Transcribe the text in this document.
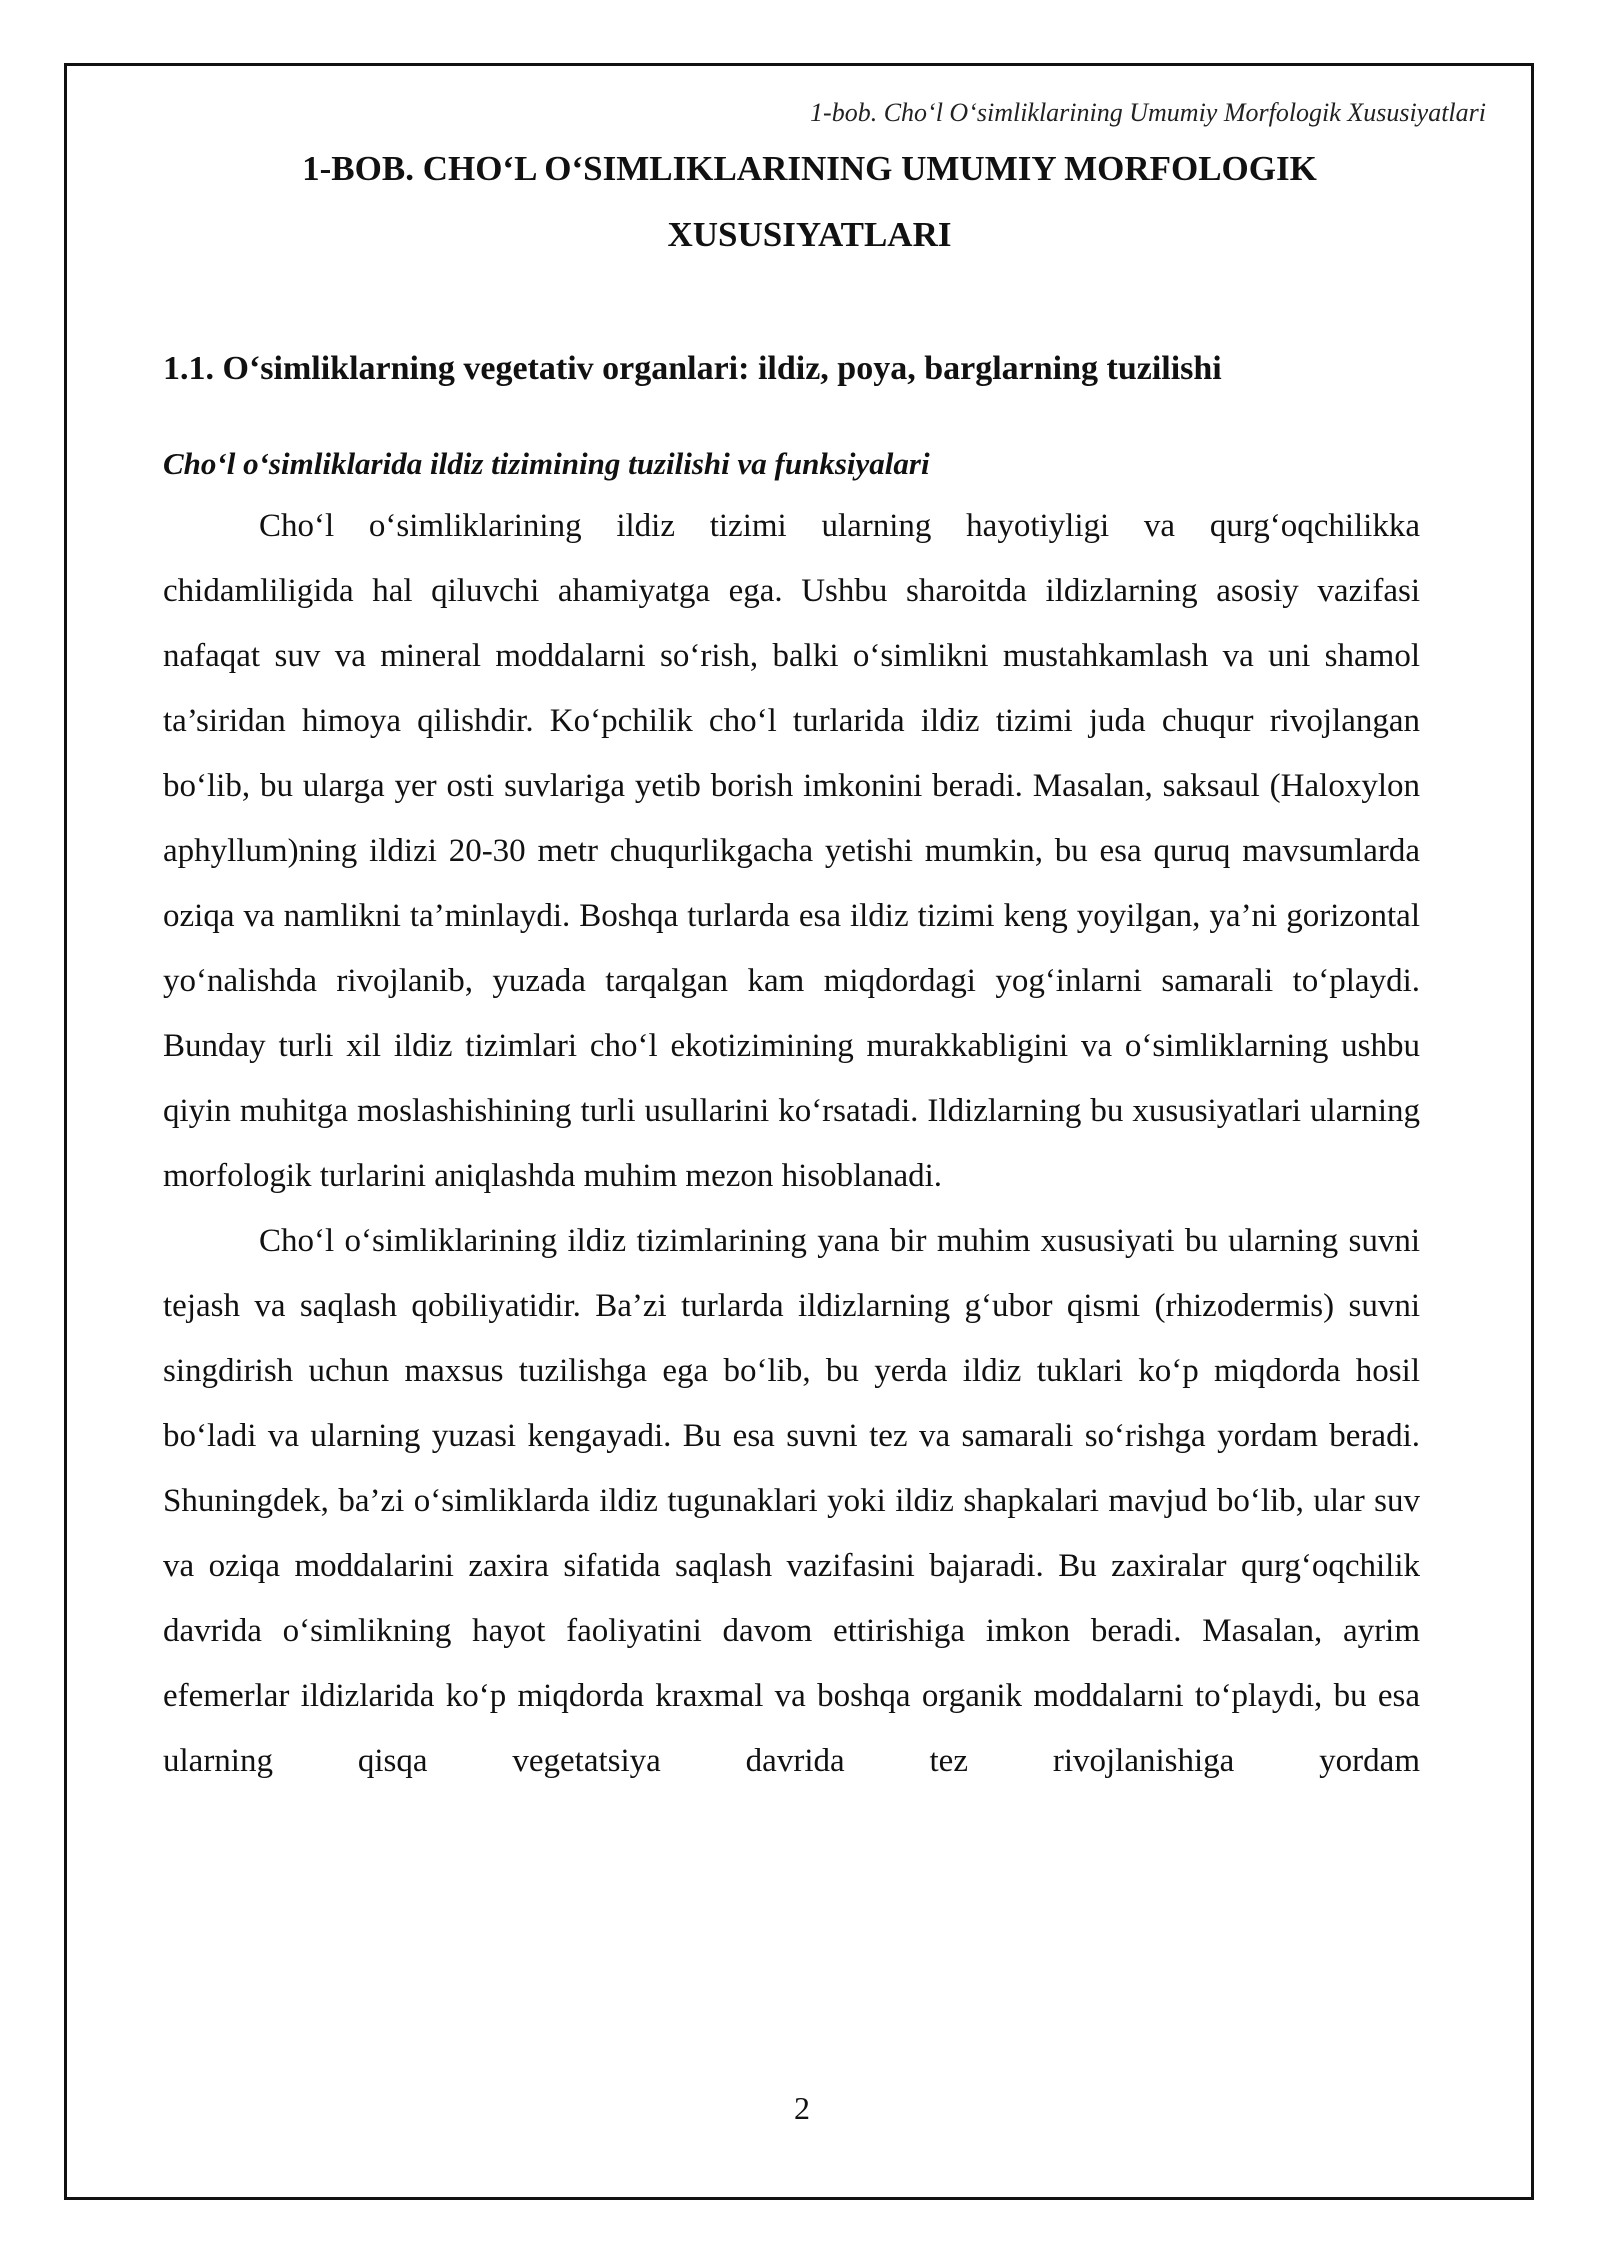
1-bob. Cho‘l O‘simliklarining Umumiy Morfologik Xususiyatlari
2
1-BOB. CHO‘L O‘SIMLIKLARINING UMUMIY MORFOLOGIK
XUSUSIYATLARI
1.1. O‘simliklarning vegetativ organlari: ildiz, poya, barglarning tuzilishi
Cho‘l o‘simliklarida ildiz tizimining tuzilishi va funksiyalari

Cho‘l o‘simliklarining ildiz tizimi ularning hayotiyligi va qurg‘oqchilikka chidamliligida hal qiluvchi ahamiyatga ega. Ushbu sharoitda ildizlarning asosiy vazifasi nafaqat suv va mineral moddalarni so‘rish, balki o‘simlikni mustahkamlash va uni shamol ta’siridan himoya qilishdir. Ko‘pchilik cho‘l turlarida ildiz tizimi juda chuqur rivojlangan bo‘lib, bu ularga yer osti suvlariga yetib borish imkonini beradi. Masalan, saksaul (Haloxylon aphyllum)ning ildizi 20-30 metr chuqurlikgacha yetishi mumkin, bu esa quruq mavsumlarda oziqa va namlikni ta’minlaydi. Boshqa turlarda esa ildiz tizimi keng yoyilgan, ya’ni gorizontal yo‘nalishda rivojlanib, yuzada tarqalgan kam miqdordagi yog‘inlarni samarali to‘playdi. Bunday turli xil ildiz tizimlari cho‘l ekotizimining murakkabligini va o‘simliklarning ushbu qiyin muhitga moslashishining turli usullarini ko‘rsatadi. Ildizlarning bu xususiyatlari ularning morfologik turlarini aniqlashda muhim mezon hisoblanadi.

Cho‘l o‘simliklarining ildiz tizimlarining yana bir muhim xususiyati bu ularning suvni tejash va saqlash qobiliyatidir. Ba’zi turlarda ildizlarning g‘ubor qismi (rhizodermis) suvni singdirish uchun maxsus tuzilishga ega bo‘lib, bu yerda ildiz tuklari ko‘p miqdorda hosil bo‘ladi va ularning yuzasi kengayadi. Bu esa suvni tez va samarali so‘rishga yordam beradi. Shuningdek, ba’zi o‘simliklarda ildiz tugunaklari yoki ildiz shapkalari mavjud bo‘lib, ular suv va oziqa moddalarini zaxira sifatida saqlash vazifasini bajaradi. Bu zaxiralar qurg‘oqchilik davrida o‘simlikning hayot faoliyatini davom ettirishiga imkon beradi. Masalan, ayrim efemerlar ildizlarida ko‘p miqdorda kraxmal va boshqa organik moddalarni to‘playdi, bu esa ularning qisqa vegetatsiya davrida tez rivojlanishiga yordam
